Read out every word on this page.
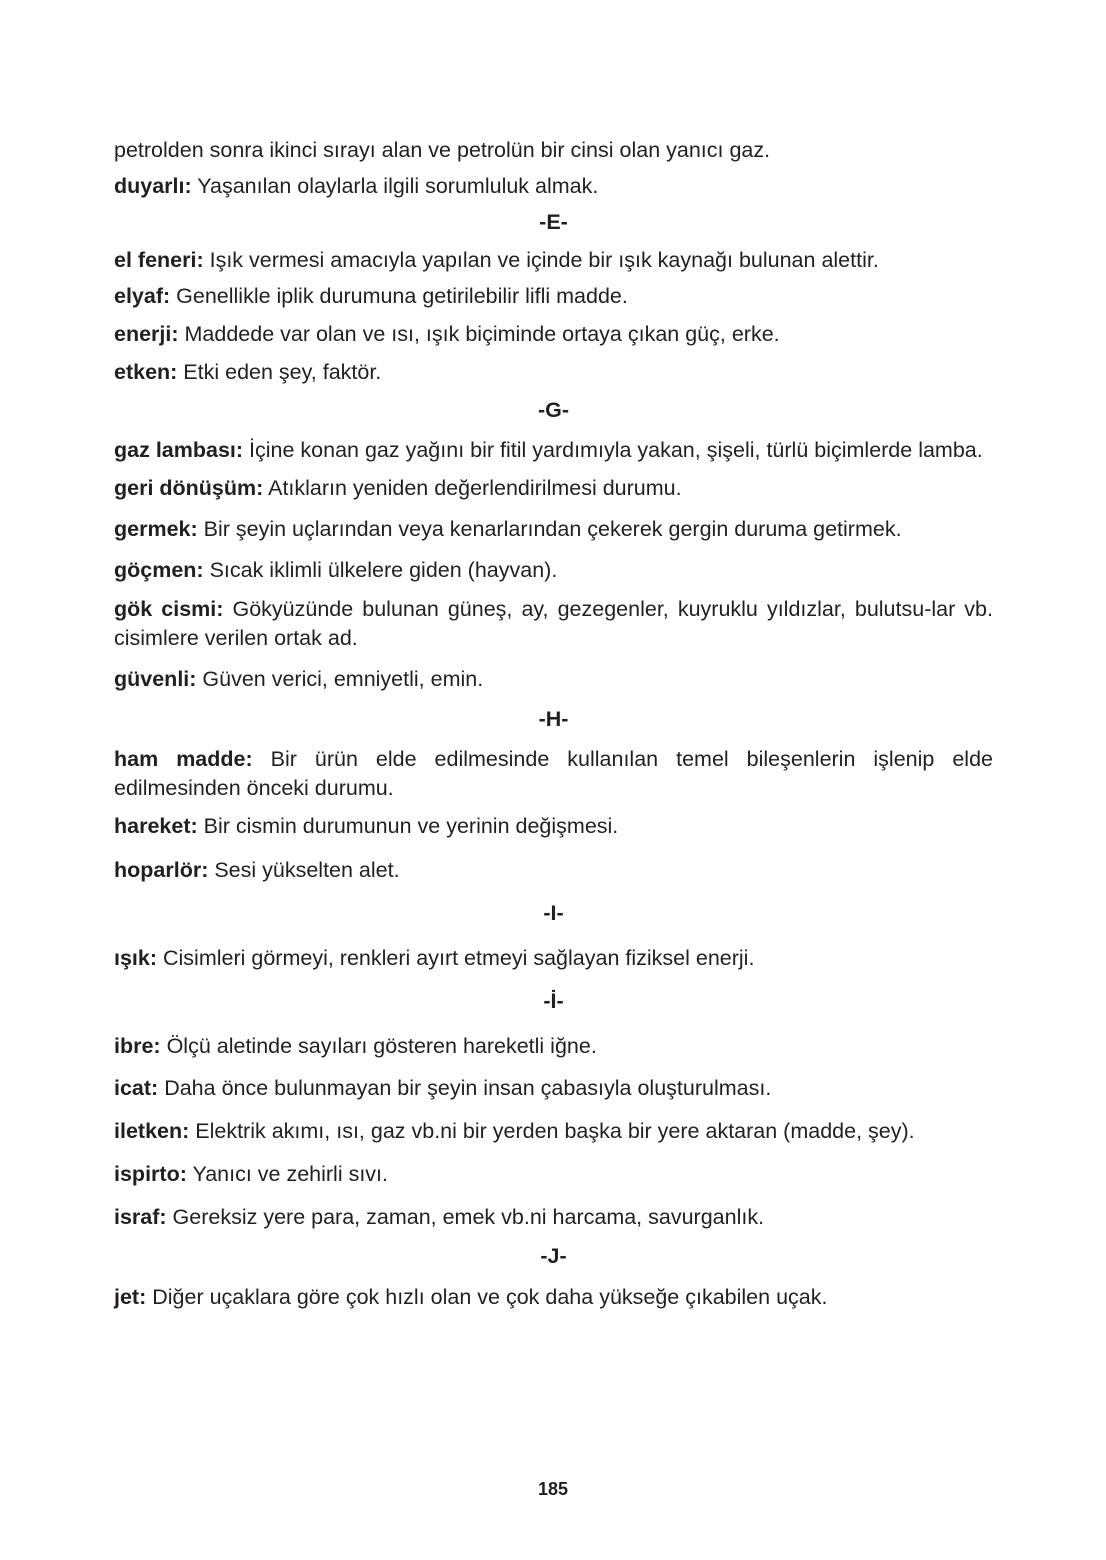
petrolden sonra ikinci sırayı alan ve petrolün bir cinsi olan yanıcı gaz.
duyarlı: Yaşanılan olaylarla ilgili sorumluluk almak.
-E-
el feneri: Işık vermesi amacıyla yapılan ve içinde bir ışık kaynağı bulunan alettir.
elyaf: Genellikle iplik durumuna getirilebilir lifli madde.
enerji: Maddede var olan ve ısı, ışık biçiminde ortaya çıkan güç, erke.
etken: Etki eden şey, faktör.
-G-
gaz lambası: İçine konan gaz yağını bir fitil yardımıyla yakan, şişeli, türlü biçimlerde lamba.
geri dönüşüm: Atıkların yeniden değerlendirilmesi durumu.
germek: Bir şeyin uçlarından veya kenarlarından çekerek gergin duruma getirmek.
göçmen: Sıcak iklimli ülkelere giden (hayvan).
gök cismi: Gökyüzünde bulunan güneş, ay, gezegenler, kuyruklu yıldızlar, bulutsu-lar vb. cisimlere verilen ortak ad.
güvenli: Güven verici, emniyetli, emin.
-H-
ham madde: Bir ürün elde edilmesinde kullanılan temel bileşenlerin işlenip elde edilmesinden önceki durumu.
hareket: Bir cismin durumunun ve yerinin değişmesi.
hoparlör: Sesi yükselten alet.
-I-
ışık: Cisimleri görmeyi, renkleri ayırt etmeyi sağlayan fiziksel enerji.
-İ-
ibre: Ölçü aletinde sayıları gösteren hareketli iğne.
icat: Daha önce bulunmayan bir şeyin insan çabasıyla oluşturulması.
iletken: Elektrik akımı, ısı, gaz vb.ni bir yerden başka bir yere aktaran (madde, şey).
ispirto: Yanıcı ve zehirli sıvı.
israf: Gereksiz yere para, zaman, emek vb.ni harcama, savurganlık.
-J-
jet: Diğer uçaklara göre çok hızlı olan ve çok daha yükseğe çıkabilen uçak.
185
